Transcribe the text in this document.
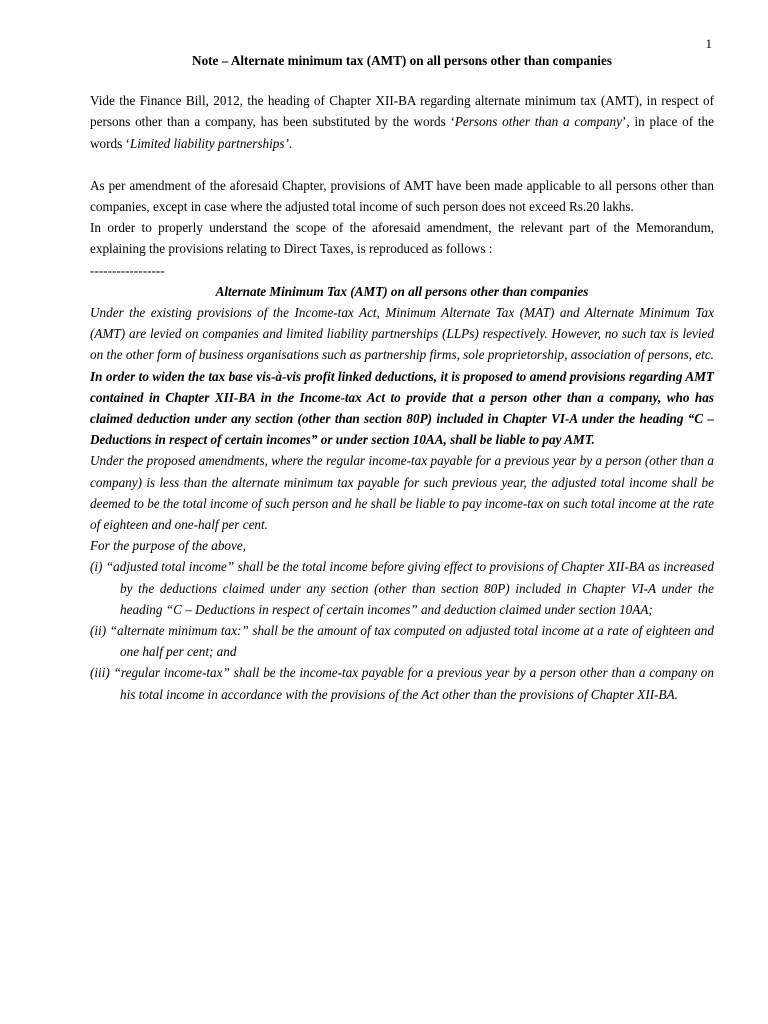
1

Note – Alternate minimum tax (AMT) on all persons other than companies

Vide the Finance Bill, 2012, the heading of Chapter XII-BA regarding alternate minimum tax (AMT), in respect of persons other than a company, has been substituted by the words ‘Persons other than a company’, in place of the words ‘Limited liability partnerships’.

As per amendment of the aforesaid Chapter, provisions of AMT have been made applicable to all persons other than companies, except in case where the adjusted total income of such person does not exceed Rs.20 lakhs.

In order to properly understand the scope of the aforesaid amendment, the relevant part of the Memorandum, explaining the provisions relating to Direct Taxes, is reproduced as follows :

-----------------

Alternate Minimum Tax (AMT) on all persons other than companies

Under the existing provisions of the Income-tax Act, Minimum Alternate Tax (MAT) and Alternate Minimum Tax (AMT) are levied on companies and limited liability partnerships (LLPs) respectively. However, no such tax is levied on the other form of business organisations such as partnership firms, sole proprietorship, association of persons, etc.

In order to widen the tax base vis-à-vis profit linked deductions, it is proposed to amend provisions regarding AMT contained in Chapter XII-BA in the Income-tax Act to provide that a person other than a company, who has claimed deduction under any section (other than section 80P) included in Chapter VI-A under the heading “C – Deductions in respect of certain incomes” or under section 10AA, shall be liable to pay AMT.

Under the proposed amendments, where the regular income-tax payable for a previous year by a person (other than a company) is less than the alternate minimum tax payable for such previous year, the adjusted total income shall be deemed to be the total income of such person and he shall be liable to pay income-tax on such total income at the rate of eighteen and one-half per cent.

For the purpose of the above,

(i) “adjusted total income” shall be the total income before giving effect to provisions of Chapter XII-BA as increased by the deductions claimed under any section (other than section 80P) included in Chapter VI-A under the heading “C – Deductions in respect of certain incomes” and deduction claimed under section 10AA;

(ii) “alternate minimum tax:” shall be the amount of tax computed on adjusted total income at a rate of eighteen and one half per cent; and

(iii) “regular income-tax” shall be the income-tax payable for a previous year by a person other than a company on his total income in accordance with the provisions of the Act other than the provisions of Chapter XII-BA.
